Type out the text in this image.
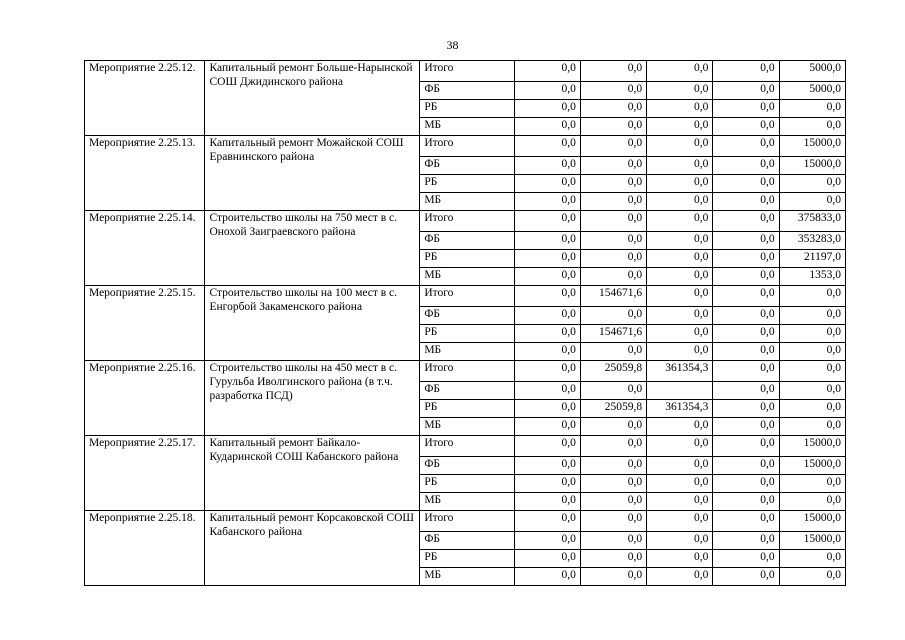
38
Мероприятие 2.25.12.	Капитальный ремонт Больше-Нарынской СОШ Джидинского района	Итого	0,0	0,0	0,0	0,0	5000,0
		ФБ	0,0	0,0	0,0	0,0	5000,0
		РБ	0,0	0,0	0,0	0,0	0,0
		МБ	0,0	0,0	0,0	0,0	0,0
Мероприятие 2.25.13.	Капитальный ремонт Можайской СОШ Еравнинского района	Итого	0,0	0,0	0,0	0,0	15000,0
		ФБ	0,0	0,0	0,0	0,0	15000,0
		РБ	0,0	0,0	0,0	0,0	0,0
		МБ	0,0	0,0	0,0	0,0	0,0
Мероприятие 2.25.14.	Строительство школы на 750 мест в с. Онохой Заиграевского района	Итого	0,0	0,0	0,0	0,0	375833,0
		ФБ	0,0	0,0	0,0	0,0	353283,0
		РБ	0,0	0,0	0,0	0,0	21197,0
		МБ	0,0	0,0	0,0	0,0	1353,0
Мероприятие 2.25.15.	Строительство школы на 100 мест в с. Енгорбой Закаменского района	Итого	0,0	154671,6	0,0	0,0	0,0
		ФБ	0,0	0,0	0,0	0,0	0,0
		РБ	0,0	154671,6	0,0	0,0	0,0
		МБ	0,0	0,0	0,0	0,0	0,0
Мероприятие 2.25.16.	Строительство школы на 450 мест в с. Гурульба Иволгинского района (в т.ч. разработка ПСД)	Итого	0,0	25059,8	361354,3	0,0	0,0
		ФБ	0,0	0,0		0,0	0,0
		РБ	0,0	25059,8	361354,3	0,0	0,0
		МБ	0,0	0,0	0,0	0,0	0,0
Мероприятие 2.25.17.	Капитальный ремонт Байкало-Кударинской СОШ Кабанского района	Итого	0,0	0,0	0,0	0,0	15000,0
		ФБ	0,0	0,0	0,0	0,0	15000,0
		РБ	0,0	0,0	0,0	0,0	0,0
		МБ	0,0	0,0	0,0	0,0	0,0
Мероприятие 2.25.18.	Капитальный ремонт Корсаковской СОШ Кабанского района	Итого	0,0	0,0	0,0	0,0	15000,0
		ФБ	0,0	0,0	0,0	0,0	15000,0
		РБ	0,0	0,0	0,0	0,0	0,0
		МБ	0,0	0,0	0,0	0,0	0,0
